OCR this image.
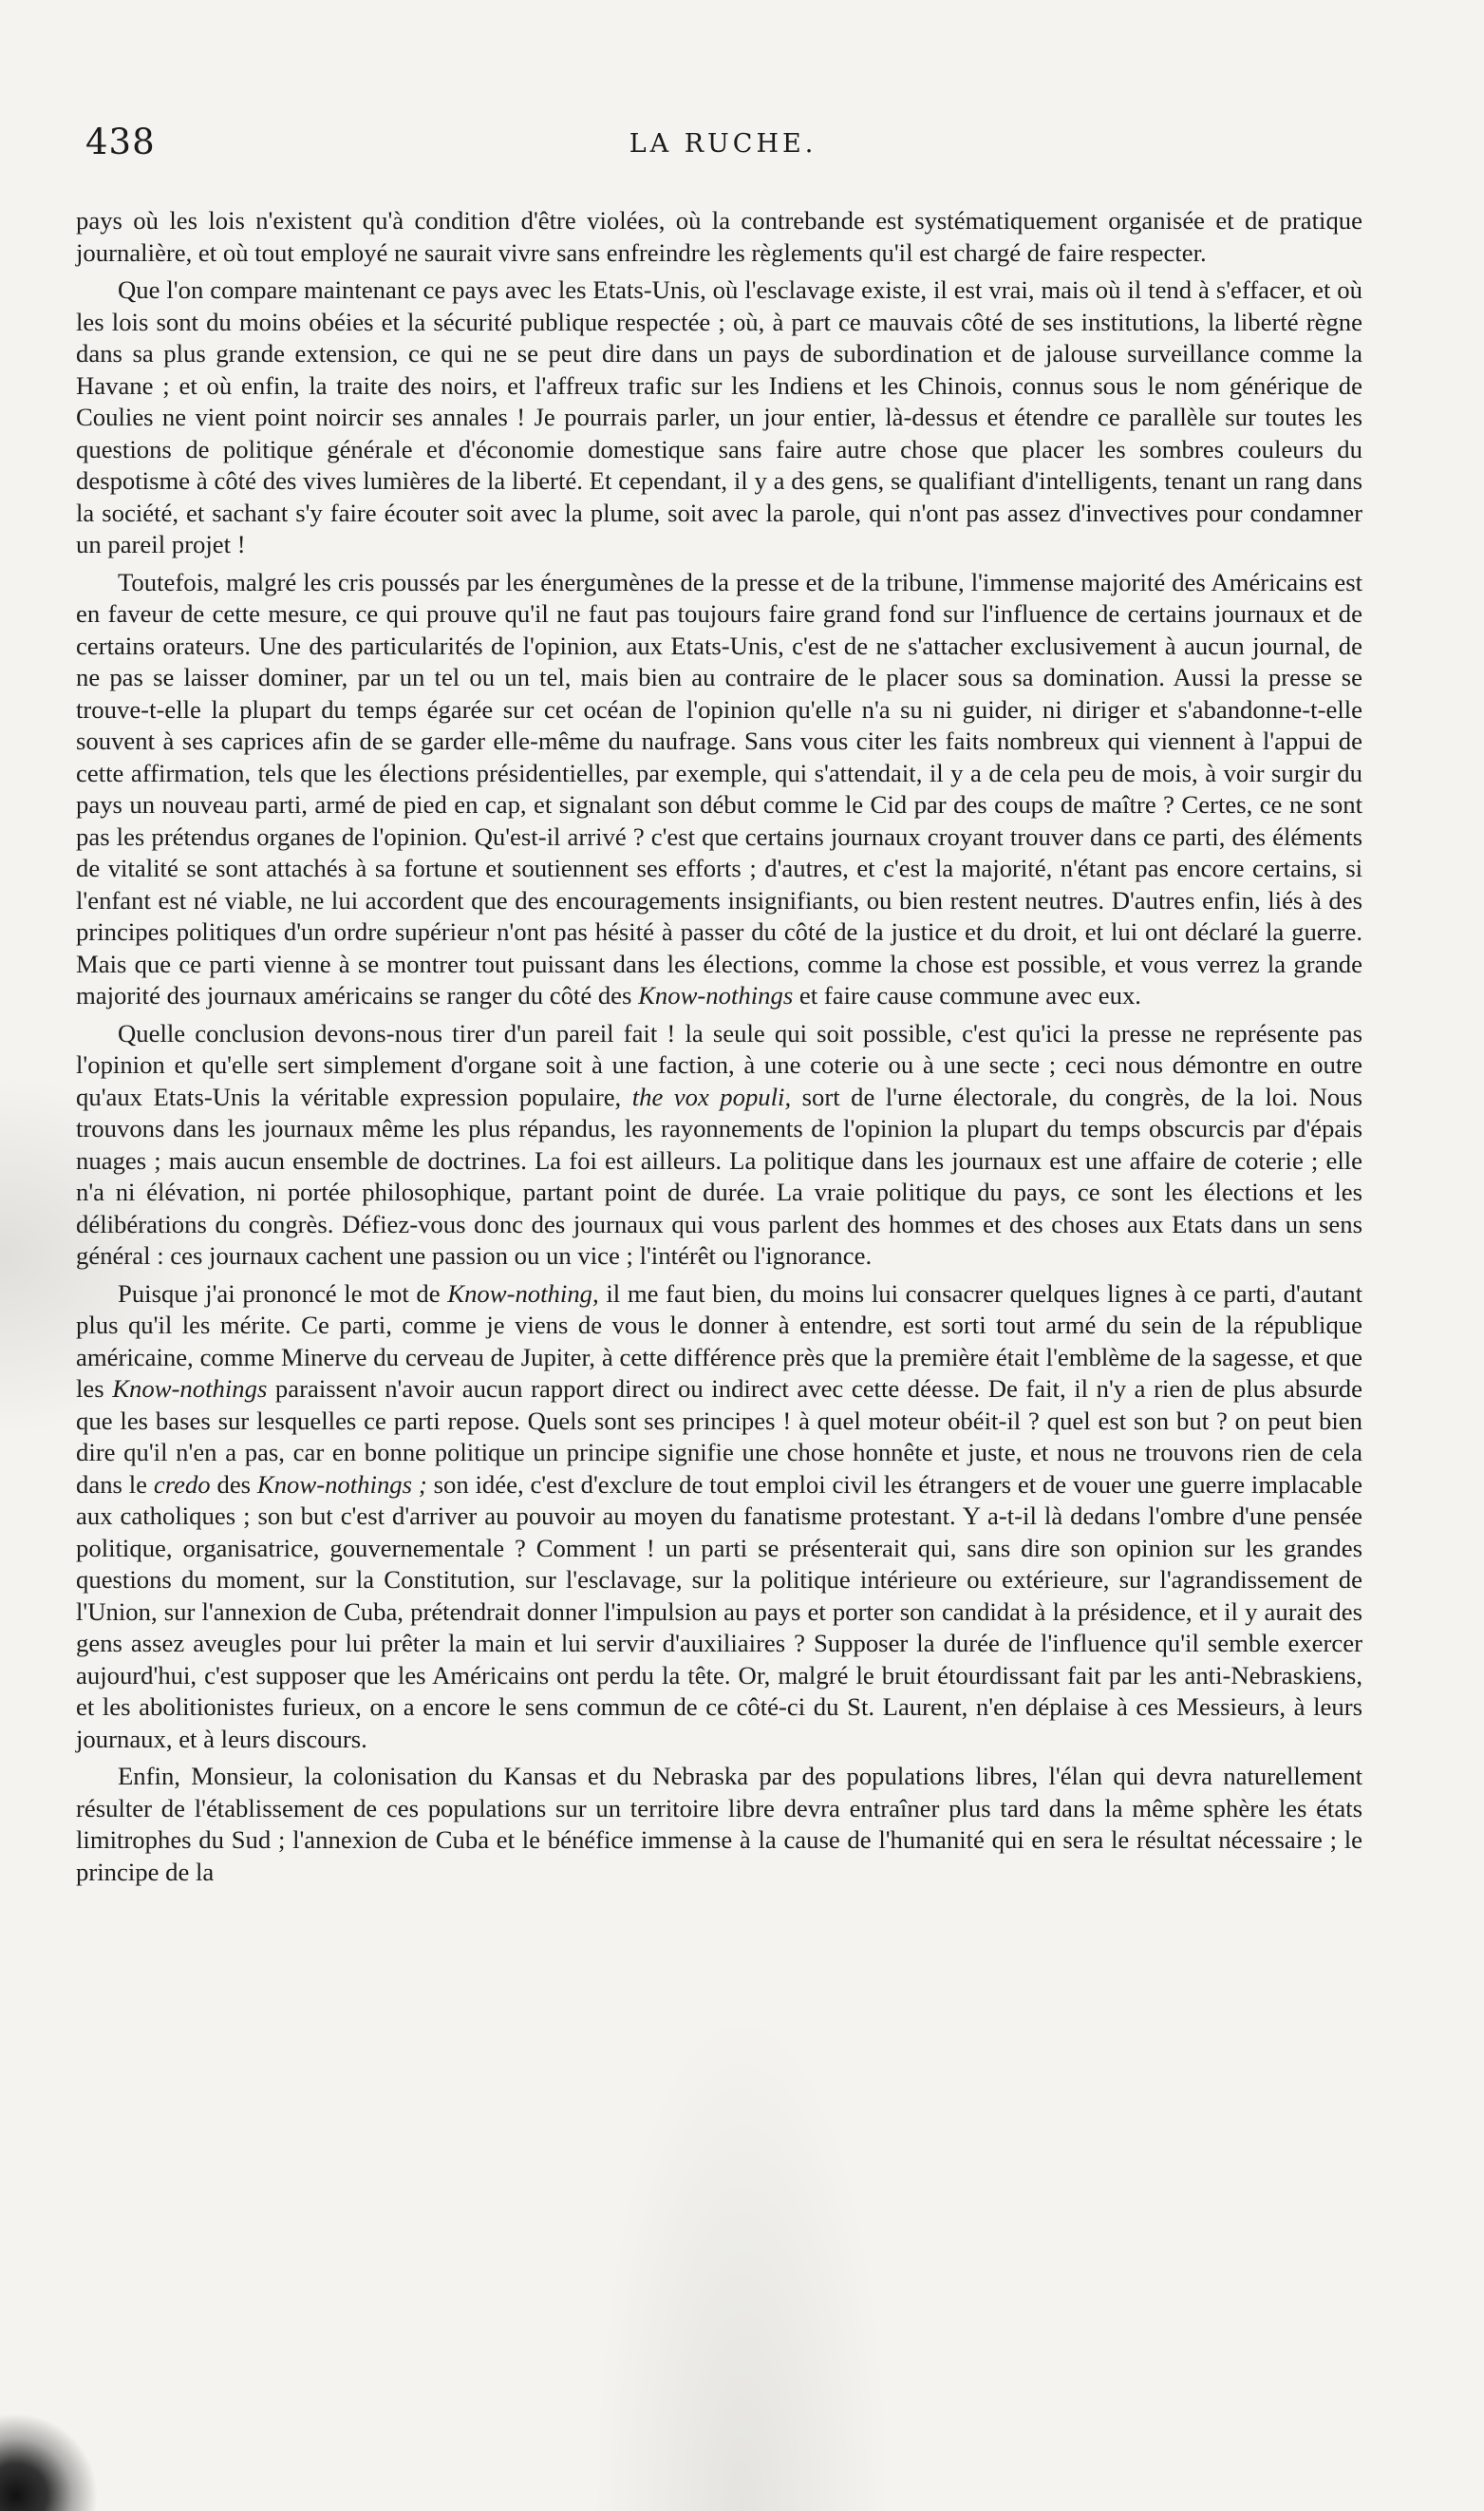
438	LA RUCHE.

pays où les lois n'existent qu'à condition d'être violées, où la contrebande est systématiquement organisée et de pratique journalière, et où tout employé ne saurait vivre sans enfreindre les règlements qu'il est chargé de faire respecter.

Que l'on compare maintenant ce pays avec les Etats-Unis, où l'esclavage existe, il est vrai, mais où il tend à s'effacer, et où les lois sont du moins obéies et la sécurité publique respectée ; où, à part ce mauvais côté de ses institutions, la liberté règne dans sa plus grande extension, ce qui ne se peut dire dans un pays de subordination et de jalouse surveillance comme la Havane ; et où enfin, la traite des noirs, et l'affreux trafic sur les Indiens et les Chinois, connus sous le nom générique de Coulies ne vient point noircir ses annales ! Je pourrais parler, un jour entier, là-dessus et étendre ce parallèle sur toutes les questions de politique générale et d'économie domestique sans faire autre chose que placer les sombres couleurs du despotisme à côté des vives lumières de la liberté. Et cependant, il y a des gens, se qualifiant d'intelligents, tenant un rang dans la société, et sachant s'y faire écouter soit avec la plume, soit avec la parole, qui n'ont pas assez d'invectives pour condamner un pareil projet !

Toutefois, malgré les cris poussés par les énergumènes de la presse et de la tribune, l'immense majorité des Américains est en faveur de cette mesure, ce qui prouve qu'il ne faut pas toujours faire grand fond sur l'influence de certains journaux et de certains orateurs. Une des particularités de l'opinion, aux Etats-Unis, c'est de ne s'attacher exclusivement à aucun journal, de ne pas se laisser dominer, par un tel ou un tel, mais bien au contraire de le placer sous sa domination. Aussi la presse se trouve-t-elle la plupart du temps égarée sur cet océan de l'opinion qu'elle n'a su ni guider, ni diriger et s'abandonne-t-elle souvent à ses caprices afin de se garder elle-même du naufrage. Sans vous citer les faits nombreux qui viennent à l'appui de cette affirmation, tels que les élections présidentielles, par exemple, qui s'attendait, il y a de cela peu de mois, à voir surgir du pays un nouveau parti, armé de pied en cap, et signalant son début comme le Cid par des coups de maître ? Certes, ce ne sont pas les prétendus organes de l'opinion. Qu'est-il arrivé ? c'est que certains journaux croyant trouver dans ce parti, des éléments de vitalité se sont attachés à sa fortune et soutiennent ses efforts ; d'autres, et c'est la majorité, n'étant pas encore certains, si l'enfant est né viable, ne lui accordent que des encouragements insignifiants, ou bien restent neutres. D'autres enfin, liés à des principes politiques d'un ordre supérieur n'ont pas hésité à passer du côté de la justice et du droit, et lui ont déclaré la guerre. Mais que ce parti vienne à se montrer tout puissant dans les élections, comme la chose est possible, et vous verrez la grande majorité des journaux américains se ranger du côté des Know-nothings et faire cause commune avec eux.

Quelle conclusion devons-nous tirer d'un pareil fait ! la seule qui soit possible, c'est qu'ici la presse ne représente pas l'opinion et qu'elle sert simplement d'organe soit à une faction, à une coterie ou à une secte ; ceci nous démontre en outre qu'aux Etats-Unis la véritable expression populaire, the vox populi, sort de l'urne électorale, du congrès, de la loi. Nous trouvons dans les journaux même les plus répandus, les rayonnements de l'opinion la plupart du temps obscurcis par d'épais nuages ; mais aucun ensemble de doctrines. La foi est ailleurs. La politique dans les journaux est une affaire de coterie ; elle n'a ni élévation, ni portée philosophique, partant point de durée. La vraie politique du pays, ce sont les élections et les délibérations du congrès. Défiez-vous donc des journaux qui vous parlent des hommes et des choses aux Etats dans un sens général : ces journaux cachent une passion ou un vice ; l'intérêt ou l'ignorance.

Puisque j'ai prononcé le mot de Know-nothing, il me faut bien, du moins lui consacrer quelques lignes à ce parti, d'autant plus qu'il les mérite. Ce parti, comme je viens de vous le donner à entendre, est sorti tout armé du sein de la république américaine, comme Minerve du cerveau de Jupiter, à cette différence près que la première était l'emblème de la sagesse, et que les Know-nothings paraissent n'avoir aucun rapport direct ou indirect avec cette déesse. De fait, il n'y a rien de plus absurde que les bases sur lesquelles ce parti repose. Quels sont ses principes ! à quel moteur obéit-il ? quel est son but ? on peut bien dire qu'il n'en a pas, car en bonne politique un principe signifie une chose honnête et juste, et nous ne trouvons rien de cela dans le credo des Know-nothings ; son idée, c'est d'exclure de tout emploi civil les étrangers et de vouer une guerre implacable aux catholiques ; son but c'est d'arriver au pouvoir au moyen du fanatisme protestant. Y a-t-il là dedans l'ombre d'une pensée politique, organisatrice, gouvernementale ? Comment ! un parti se présenterait qui, sans dire son opinion sur les grandes questions du moment, sur la Constitution, sur l'esclavage, sur la politique intérieure ou extérieure, sur l'agrandissement de l'Union, sur l'annexion de Cuba, prétendrait donner l'impulsion au pays et porter son candidat à la présidence, et il y aurait des gens assez aveugles pour lui prêter la main et lui servir d'auxiliaires ? Supposer la durée de l'influence qu'il semble exercer aujourd'hui, c'est supposer que les Américains ont perdu la tête. Or, malgré le bruit étourdissant fait par les anti-Nebraskiens, et les abolitionistes furieux, on a encore le sens commun de ce côté-ci du St. Laurent, n'en déplaise à ces Messieurs, à leurs journaux, et à leurs discours.

Enfin, Monsieur, la colonisation du Kansas et du Nebraska par des populations libres, l'élan qui devra naturellement résulter de l'établissement de ces populations sur un territoire libre devra entraîner plus tard dans la même sphère les états limitrophes du Sud ; l'annexion de Cuba et le bénéfice immense à la cause de l'humanité qui en sera le résultat nécessaire ; le principe de la
